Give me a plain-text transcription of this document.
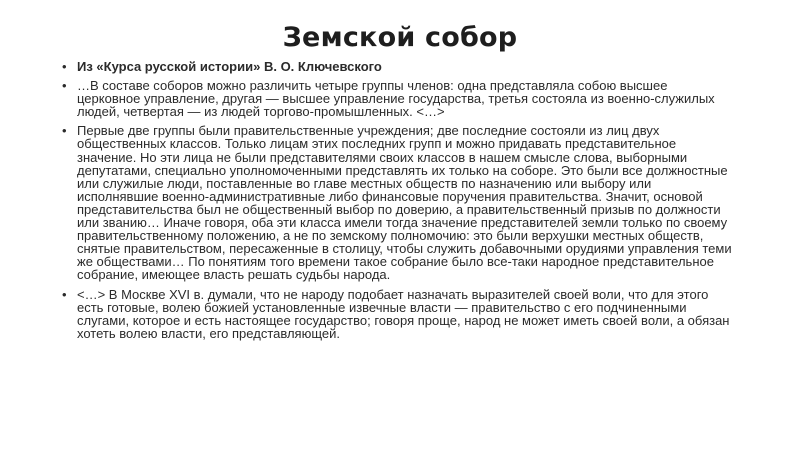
Земской собор
• Из «Курса русской истории» В. О. Ключевского
• …В составе соборов можно различить четыре группы членов: одна представляла собою высшее церковное управление, другая — высшее управление государства, третья состояла из военно-служилых людей, четвертая — из людей торгово-промышленных. <…>
• Первые две группы были правительственные учреждения; две последние состояли из лиц двух общественных классов. Только лицам этих последних групп и можно придавать представительное значение. Но эти лица не были представителями своих классов в нашем смысле слова, выборными депутатами, специально уполномоченными представлять их только на соборе. Это были все должностные или служилые люди, поставленные во главе местных обществ по назначению или выбору или исполнявшие военно-административные либо финансовые поручения правительства. Значит, основой представительства был не общественный выбор по доверию, а правительственный призыв по должности или званию… Иначе говоря, оба эти класса имели тогда значение представителей земли только по своему правительственному положению, а не по земскому полномочию: это были верхушки местных обществ, снятые правительством, пересаженные в столицу, чтобы служить добавочными орудиями управления теми же обществами… По понятиям того времени такое собрание было все-таки народное представительное собрание, имеющее власть решать судьбы народа.
• <…> В Москве XVI в. думали, что не народу подобает назначать выразителей своей воли, что для этого есть готовые, волею божией установленные извечные власти — правительство с его подчиненными слугами, которое и есть настоящее государство; говоря проще, народ не может иметь своей воли, а обязан хотеть волею власти, его представляющей.
